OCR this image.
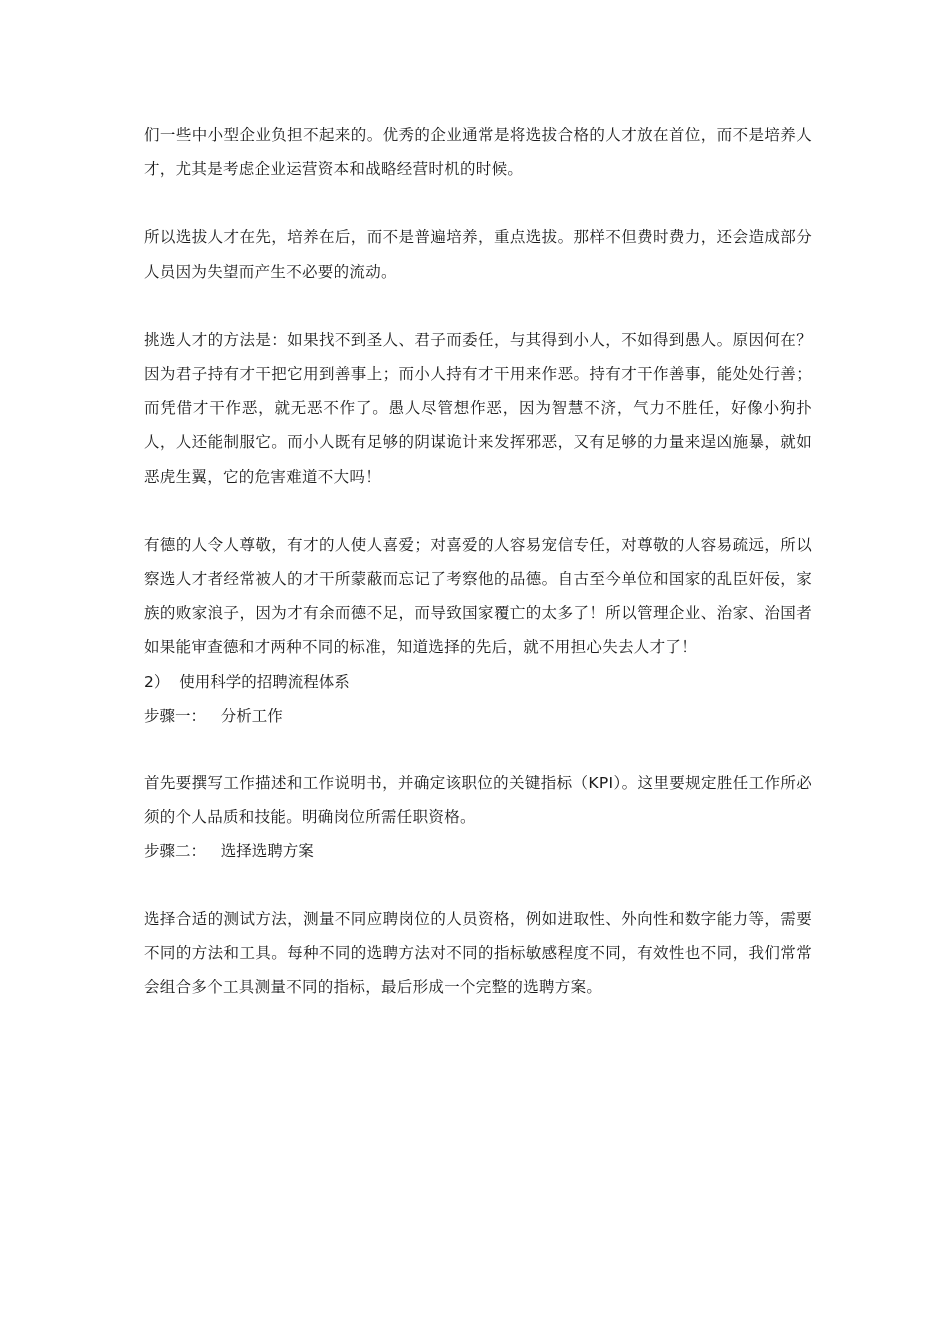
们一些中小型企业负担不起来的。优秀的企业通常是将选拔合格的人才放在首位，而不是培养人才，尤其是考虑企业运营资本和战略经营时机的时候。

所以选拔人才在先，培养在后，而不是普遍培养，重点选拔。那样不但费时费力，还会造成部分人员因为失望而产生不必要的流动。

挑选人才的方法是：如果找不到圣人、君子而委任，与其得到小人，不如得到愚人。原因何在？因为君子持有才干把它用到善事上；而小人持有才干用来作恶。持有才干作善事，能处处行善；而凭借才干作恶，就无恶不作了。愚人尽管想作恶，因为智慧不济，气力不胜任，好像小狗扑人，人还能制服它。而小人既有足够的阴谋诡计来发挥邪恶，又有足够的力量来逞凶施暴，就如恶虎生翼，它的危害难道不大吗！

有德的人令人尊敬，有才的人使人喜爱；对喜爱的人容易宠信专任，对尊敬的人容易疏远，所以察选人才者经常被人的才干所蒙蔽而忘记了考察他的品德。自古至今单位和国家的乱臣奸佞，家族的败家浪子，因为才有余而德不足，而导致国家覆亡的太多了！所以管理企业、治家、治国者如果能审查德和才两种不同的标准，知道选择的先后，就不用担心失去人才了！

2）  使用科学的招聘流程体系

步骤一：   分析工作

首先要撰写工作描述和工作说明书，并确定该职位的关键指标（KPI）。这里要规定胜任工作所必须的个人品质和技能。明确岗位所需任职资格。

步骤二：   选择选聘方案

选择合适的测试方法，测量不同应聘岗位的人员资格，例如进取性、外向性和数字能力等，需要不同的方法和工具。每种不同的选聘方法对不同的指标敏感程度不同，有效性也不同，我们常常会组合多个工具测量不同的指标，最后形成一个完整的选聘方案。
